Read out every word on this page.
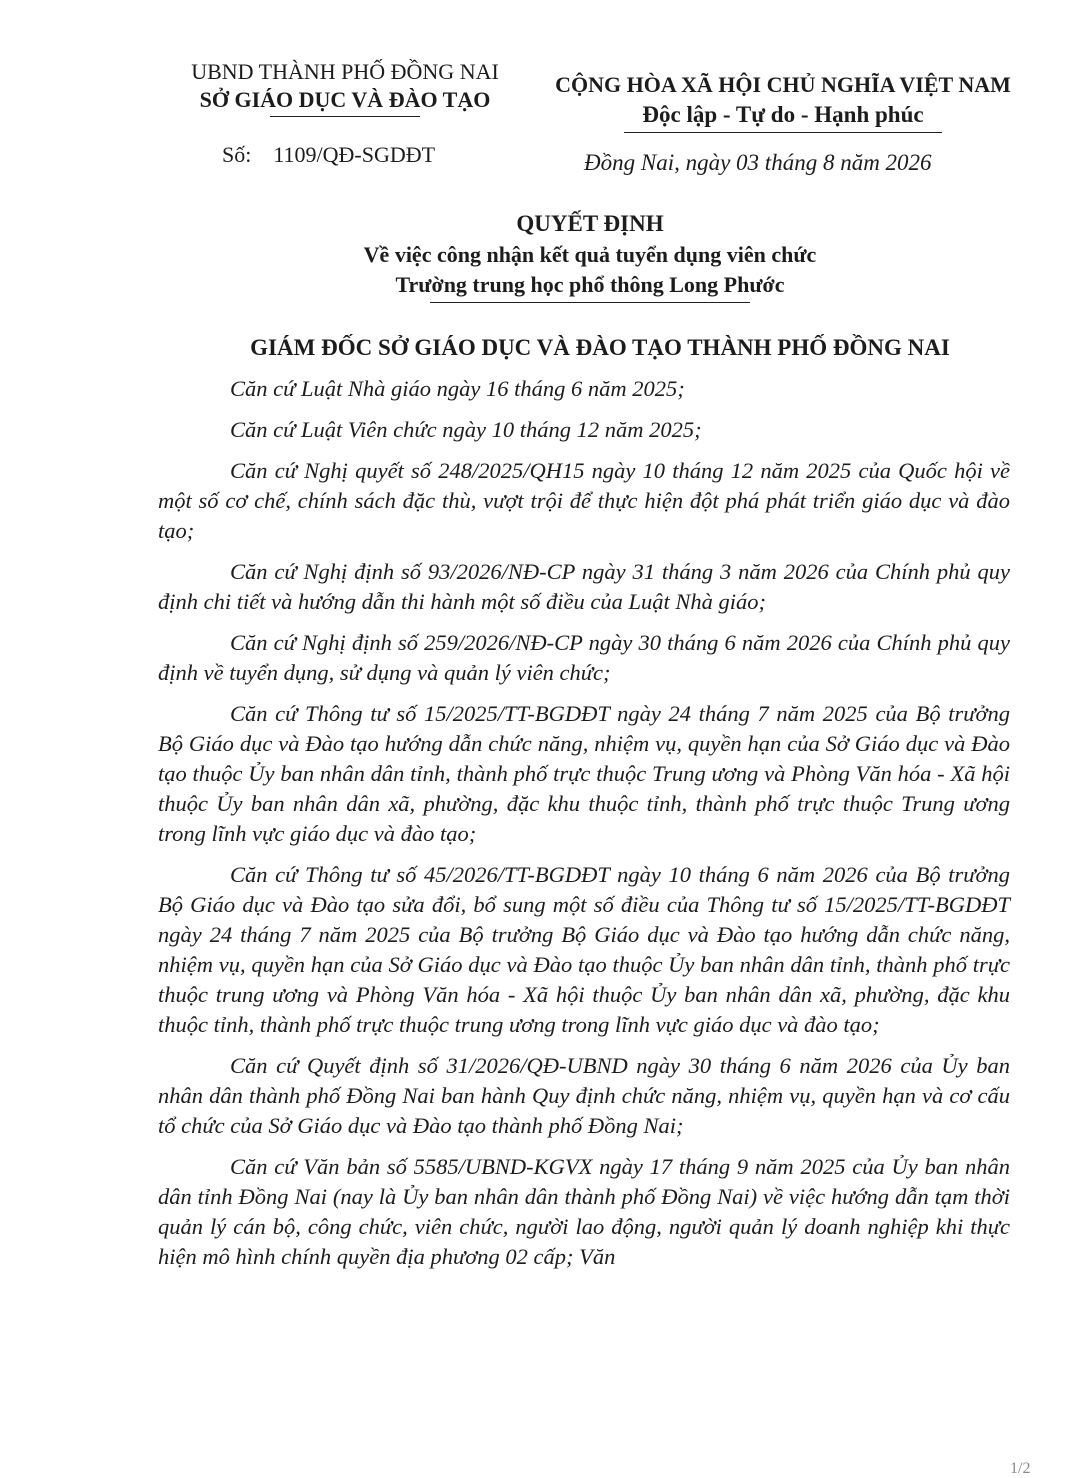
UBND THÀNH PHỐ ĐỒNG NAI
SỞ GIÁO DỤC VÀ ĐÀO TẠO
CỘNG HÒA XÃ HỘI CHỦ NGHĨA VIỆT NAM
Độc lập - Tự do - Hạnh phúc
Số: 1109/QĐ-SGDĐT	Đồng Nai, ngày 03 tháng 8 năm 2026
QUYẾT ĐỊNH
Về việc công nhận kết quả tuyển dụng viên chức
Trường trung học phổ thông Long Phước
GIÁM ĐỐC SỞ GIÁO DỤC VÀ ĐÀO TẠO THÀNH PHỐ ĐỒNG NAI

Căn cứ Luật Nhà giáo ngày 16 tháng 6 năm 2025;

Căn cứ Luật Viên chức ngày 10 tháng 12 năm 2025;

Căn cứ Nghị quyết số 248/2025/QH15 ngày 10 tháng 12 năm 2025 của Quốc hội về một số cơ chế, chính sách đặc thù, vượt trội để thực hiện đột phá phát triển giáo dục và đào tạo;

Căn cứ Nghị định số 93/2026/NĐ-CP ngày 31 tháng 3 năm 2026 của Chính phủ quy định chi tiết và hướng dẫn thi hành một số điều của Luật Nhà giáo;

Căn cứ Nghị định số 259/2026/NĐ-CP ngày 30 tháng 6 năm 2026 của Chính phủ quy định về tuyển dụng, sử dụng và quản lý viên chức;

Căn cứ Thông tư số 15/2025/TT-BGDĐT ngày 24 tháng 7 năm 2025 của Bộ trưởng Bộ Giáo dục và Đào tạo hướng dẫn chức năng, nhiệm vụ, quyền hạn của Sở Giáo dục và Đào tạo thuộc Ủy ban nhân dân tỉnh, thành phố trực thuộc Trung ương và Phòng Văn hóa - Xã hội thuộc Ủy ban nhân dân xã, phường, đặc khu thuộc tỉnh, thành phố trực thuộc Trung ương trong lĩnh vực giáo dục và đào tạo;

Căn cứ Thông tư số 45/2026/TT-BGDĐT ngày 10 tháng 6 năm 2026 của Bộ trưởng Bộ Giáo dục và Đào tạo sửa đổi, bổ sung một số điều của Thông tư số 15/2025/TT-BGDĐT ngày 24 tháng 7 năm 2025 của Bộ trưởng Bộ Giáo dục và Đào tạo hướng dẫn chức năng, nhiệm vụ, quyền hạn của Sở Giáo dục và Đào tạo thuộc Ủy ban nhân dân tỉnh, thành phố trực thuộc trung ương và Phòng Văn hóa - Xã hội thuộc Ủy ban nhân dân xã, phường, đặc khu thuộc tỉnh, thành phố trực thuộc trung ương trong lĩnh vực giáo dục và đào tạo;

Căn cứ Quyết định số 31/2026/QĐ-UBND ngày 30 tháng 6 năm 2026 của Ủy ban nhân dân thành phố Đồng Nai ban hành Quy định chức năng, nhiệm vụ, quyền hạn và cơ cấu tổ chức của Sở Giáo dục và Đào tạo thành phố Đồng Nai;

Căn cứ Văn bản số 5585/UBND-KGVX ngày 17 tháng 9 năm 2025 của Ủy ban nhân dân tỉnh Đồng Nai (nay là Ủy ban nhân dân thành phố Đồng Nai) về việc hướng dẫn tạm thời quản lý cán bộ, công chức, viên chức, người lao động, người quản lý doanh nghiệp khi thực hiện mô hình chính quyền địa phương 02 cấp; Văn

1/2
